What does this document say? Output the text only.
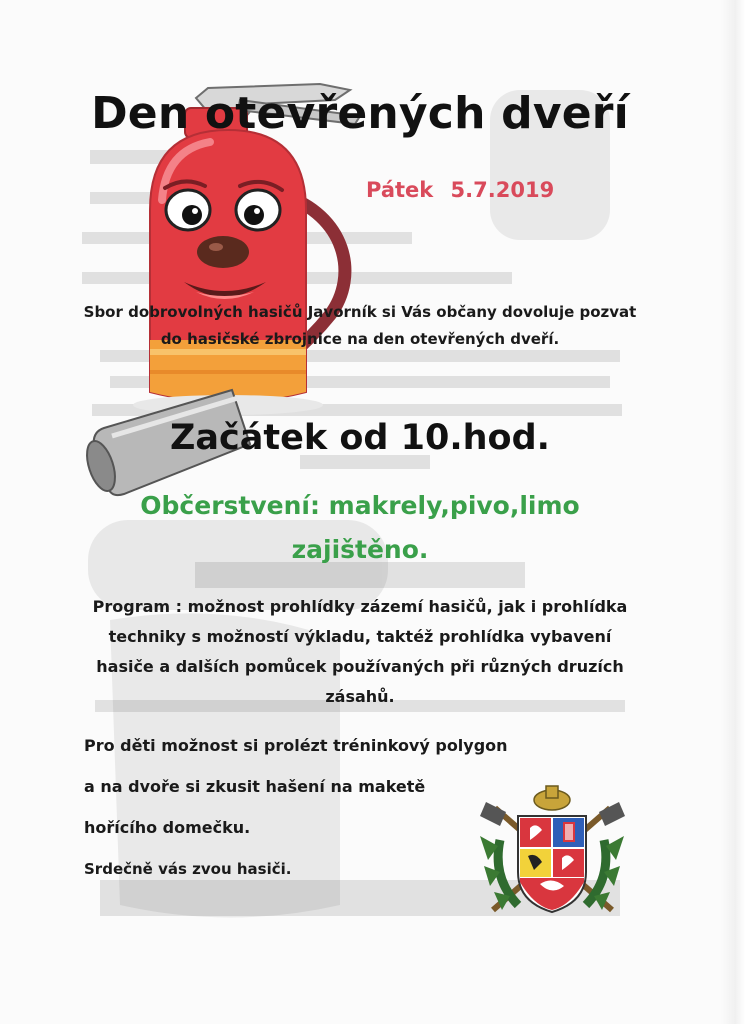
Den otevřených dveří

Pátek 5.7.2019

Sbor dobrovolných hasičů Javorník si Vás občany dovoluje pozvat

do hasičské zbrojnice na den otevřených dveří.

Začátek od 10.hod.

Občerstvení: makrely,pivo,limo

zajištěno.

Program : možnost prohlídky zázemí hasičů, jak i prohlídka

techniky s možností výkladu, taktéž prohlídka vybavení

hasiče a dalších pomůcek používaných při různých druzích

zásahů.

Pro děti možnost si prolézt tréninkový polygon

a na dvoře si zkusit hašení na maketě

hořícího domečku.

Srdečně vás zvou hasiči.
